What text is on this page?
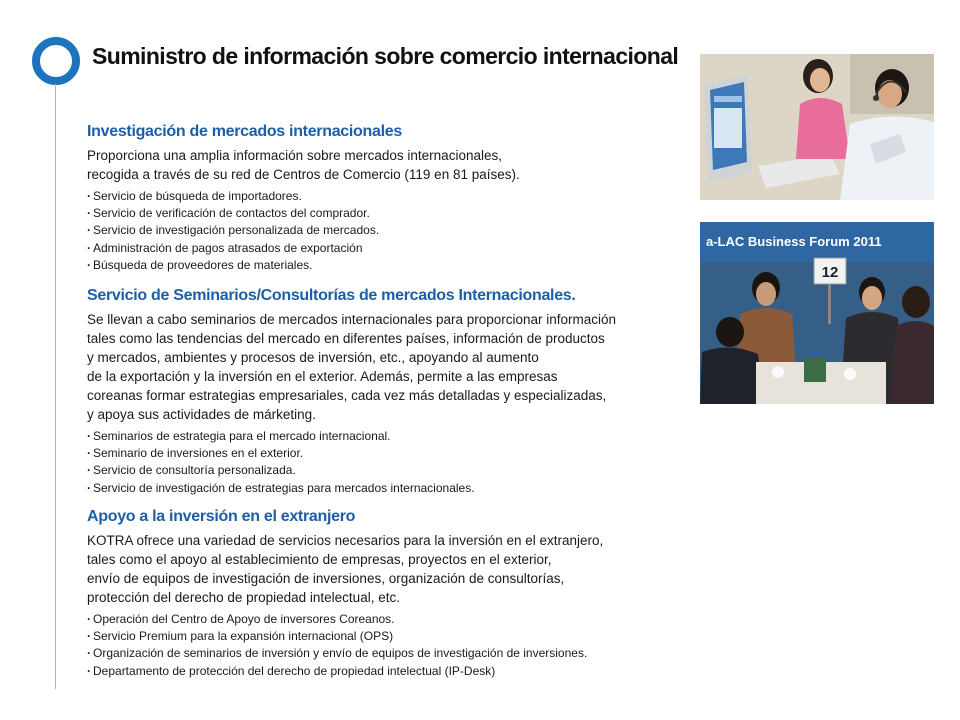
Suministro de información sobre comercio internacional
Investigación de mercados internacionales
Proporciona una amplia información sobre mercados internacionales,
recogida a través de su red de Centros de Comercio (119 en 81 países).
· Servicio de búsqueda de importadores.
· Servicio de verificación de contactos del comprador.
· Servicio de investigación personalizada de mercados.
· Administración de pagos atrasados de exportación
· Búsqueda de proveedores de materiales.
Servicio de Seminarios/Consultorías de mercados Internacionales.
Se llevan a cabo seminarios de mercados internacionales para proporcionar información
tales como las tendencias del mercado en diferentes países, información de productos
y mercados, ambientes y procesos de inversión, etc., apoyando al aumento
de la exportación y la inversión en el exterior. Además, permite a las empresas
coreanas formar estrategias empresariales, cada vez más detalladas y especializadas,
y apoya sus actividades de márketing.
· Seminarios de estrategia para el mercado internacional.
· Seminario de inversiones en el exterior.
· Servicio de consultoría personalizada.
· Servicio de investigación de estrategias para mercados internacionales.
Apoyo a la inversión en el extranjero
KOTRA ofrece una variedad de servicios necesarios para la inversión en el extranjero,
tales como el apoyo al establecimiento de empresas, proyectos en el exterior,
envío de equipos de investigación de inversiones, organización de consultorías,
protección del derecho de propiedad intelectual, etc.
· Operación del Centro de Apoyo de inversores Coreanos.
· Servicio Premium para la expansión internacional (OPS)
· Organización de seminarios de inversión y envío de equipos de investigación de inversiones.
· Departamento de protección del derecho de propiedad intelectual (IP-Desk)
a-LAC Business Forum 2011
12
